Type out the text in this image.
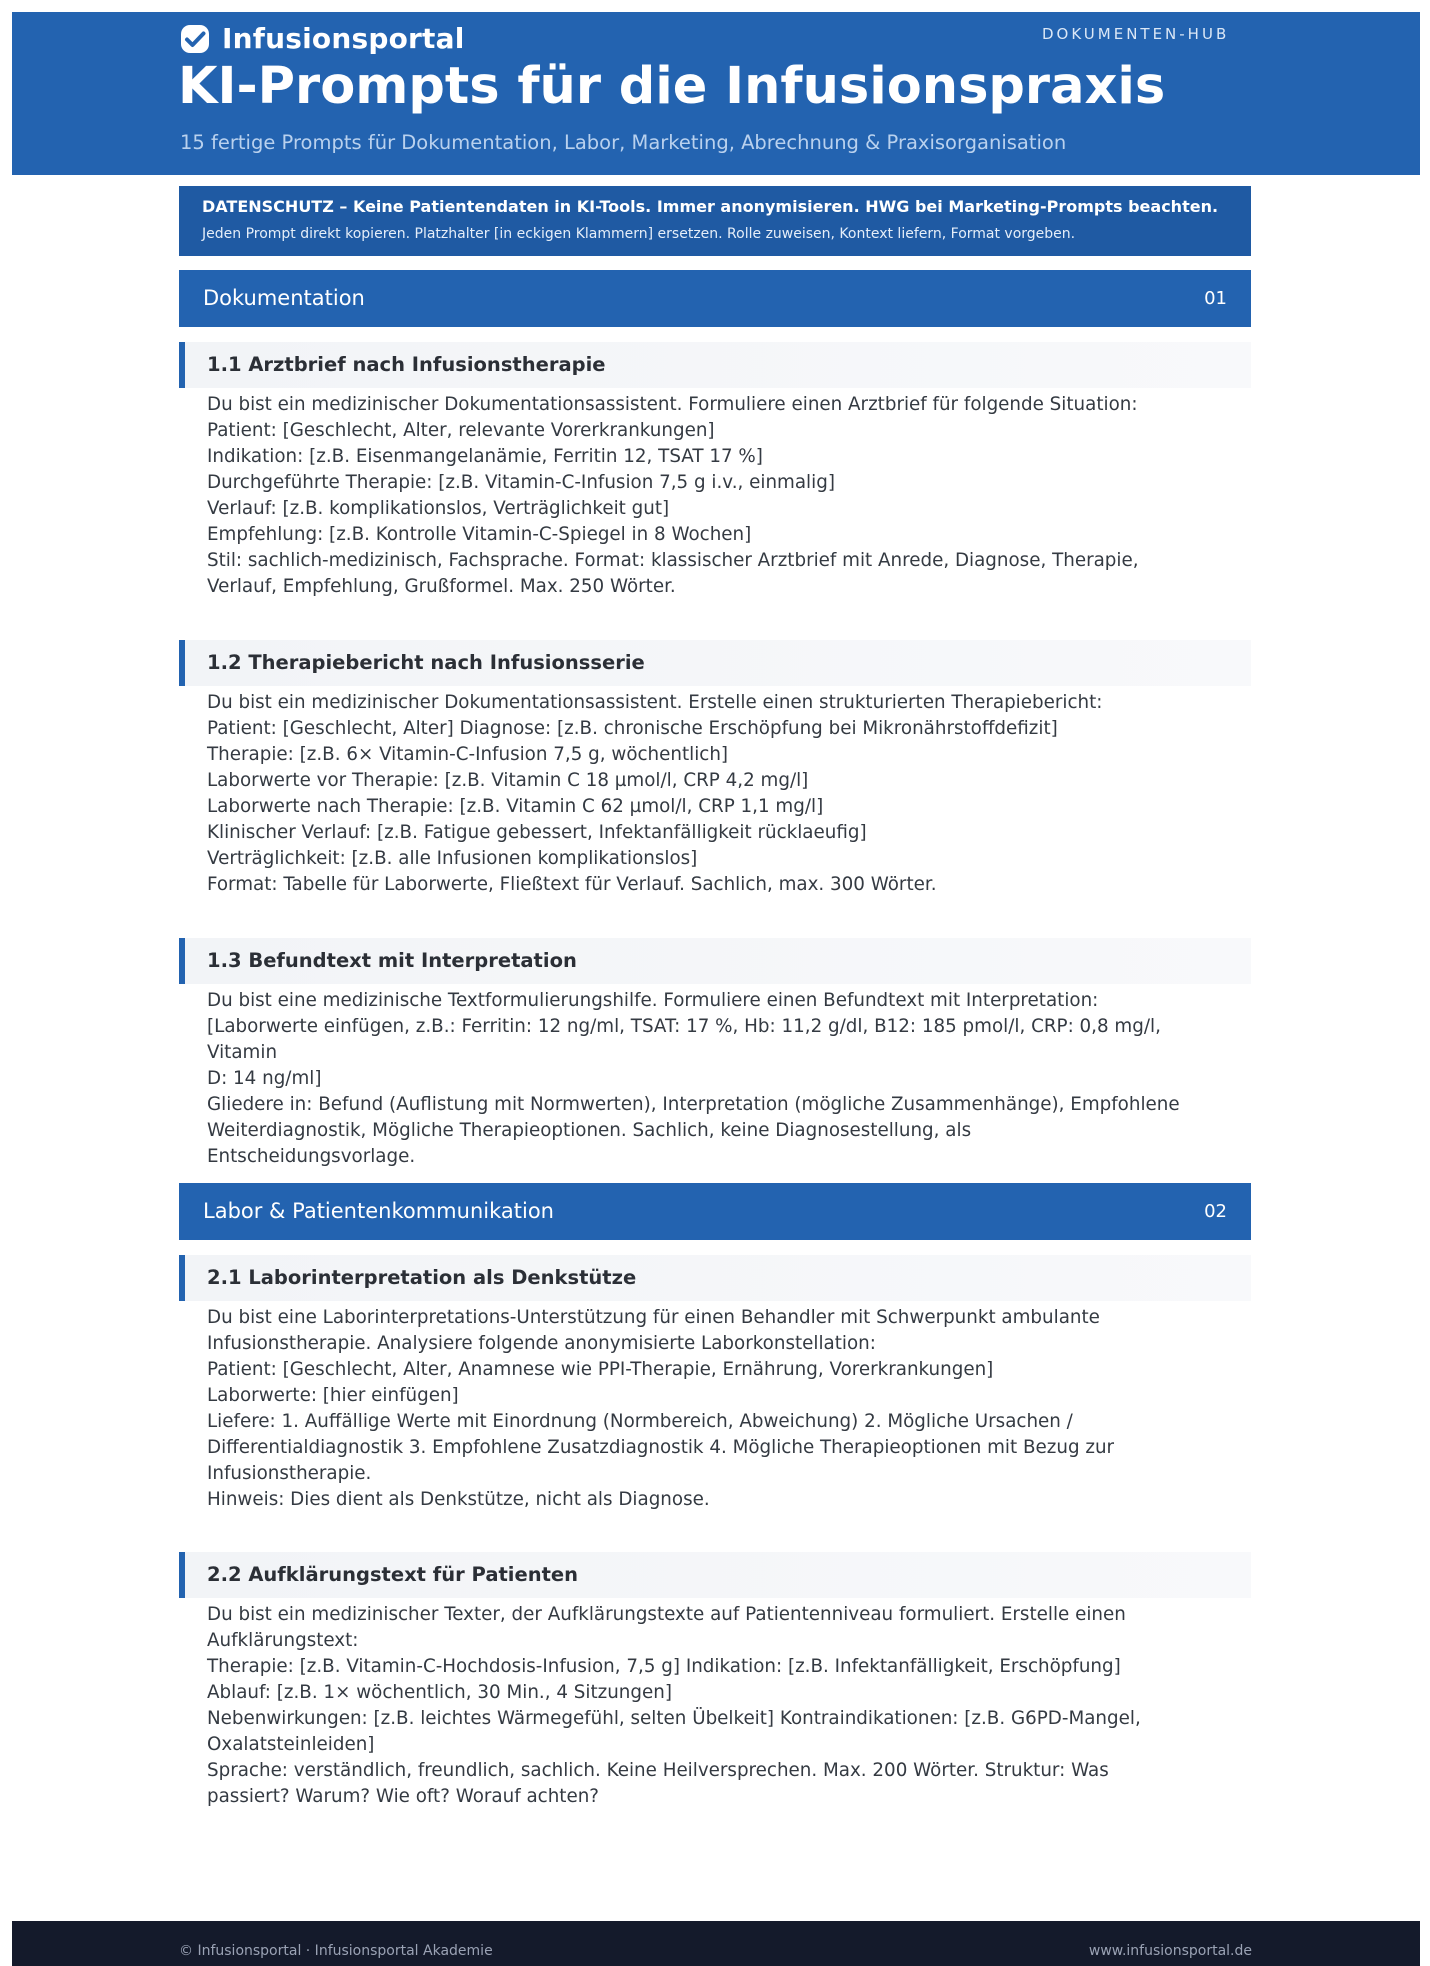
Infusionsportal	DOKUMENTEN-HUB
KI-Prompts für die Infusionspraxis
15 fertige Prompts für Dokumentation, Labor, Marketing, Abrechnung & Praxisorganisation
DATENSCHUTZ – Keine Patientendaten in KI-Tools. Immer anonymisieren. HWG bei Marketing-Prompts beachten.
Jeden Prompt direkt kopieren. Platzhalter [in eckigen Klammern] ersetzen. Rolle zuweisen, Kontext liefern, Format vorgeben.
Dokumentation	01
1.1 Arztbrief nach Infusionstherapie
Du bist ein medizinischer Dokumentationsassistent. Formuliere einen Arztbrief für folgende Situation:
Patient: [Geschlecht, Alter, relevante Vorerkrankungen]
Indikation: [z.B. Eisenmangelanämie, Ferritin 12, TSAT 17 %]
Durchgeführte Therapie: [z.B. Vitamin-C-Infusion 7,5 g i.v., einmalig]
Verlauf: [z.B. komplikationslos, Verträglichkeit gut]
Empfehlung: [z.B. Kontrolle Vitamin-C-Spiegel in 8 Wochen]
Stil: sachlich-medizinisch, Fachsprache. Format: klassischer Arztbrief mit Anrede, Diagnose, Therapie,
Verlauf, Empfehlung, Grußformel. Max. 250 Wörter.
1.2 Therapiebericht nach Infusionsserie
Du bist ein medizinischer Dokumentationsassistent. Erstelle einen strukturierten Therapiebericht:
Patient: [Geschlecht, Alter] Diagnose: [z.B. chronische Erschöpfung bei Mikronährstoffdefizit]
Therapie: [z.B. 6× Vitamin-C-Infusion 7,5 g, wöchentlich]
Laborwerte vor Therapie: [z.B. Vitamin C 18 µmol/l, CRP 4,2 mg/l]
Laborwerte nach Therapie: [z.B. Vitamin C 62 µmol/l, CRP 1,1 mg/l]
Klinischer Verlauf: [z.B. Fatigue gebessert, Infektanfälligkeit rücklaeufig]
Verträglichkeit: [z.B. alle Infusionen komplikationslos]
Format: Tabelle für Laborwerte, Fließtext für Verlauf. Sachlich, max. 300 Wörter.
1.3 Befundtext mit Interpretation
Du bist eine medizinische Textformulierungshilfe. Formuliere einen Befundtext mit Interpretation:
[Laborwerte einfügen, z.B.: Ferritin: 12 ng/ml, TSAT: 17 %, Hb: 11,2 g/dl, B12: 185 pmol/l, CRP: 0,8 mg/l, Vitamin
D: 14 ng/ml]
Gliedere in: Befund (Auflistung mit Normwerten), Interpretation (mögliche Zusammenhänge), Empfohlene
Weiterdiagnostik, Mögliche Therapieoptionen. Sachlich, keine Diagnosestellung, als
Entscheidungsvorlage.
Labor & Patientenkommunikation	02
2.1 Laborinterpretation als Denkstütze
Du bist eine Laborinterpretations-Unterstützung für einen Behandler mit Schwerpunkt ambulante
Infusionstherapie. Analysiere folgende anonymisierte Laborkonstellation:
Patient: [Geschlecht, Alter, Anamnese wie PPI-Therapie, Ernährung, Vorerkrankungen]
Laborwerte: [hier einfügen]
Liefere: 1. Auffällige Werte mit Einordnung (Normbereich, Abweichung) 2. Mögliche Ursachen /
Differentialdiagnostik 3. Empfohlene Zusatzdiagnostik 4. Mögliche Therapieoptionen mit Bezug zur
Infusionstherapie.
Hinweis: Dies dient als Denkstütze, nicht als Diagnose.
2.2 Aufklärungstext für Patienten
Du bist ein medizinischer Texter, der Aufklärungstexte auf Patientenniveau formuliert. Erstelle einen
Aufklärungstext:
Therapie: [z.B. Vitamin-C-Hochdosis-Infusion, 7,5 g] Indikation: [z.B. Infektanfälligkeit, Erschöpfung]
Ablauf: [z.B. 1× wöchentlich, 30 Min., 4 Sitzungen]
Nebenwirkungen: [z.B. leichtes Wärmegefühl, selten Übelkeit] Kontraindikationen: [z.B. G6PD-Mangel,
Oxalatsteinleiden]
Sprache: verständlich, freundlich, sachlich. Keine Heilversprechen. Max. 200 Wörter. Struktur: Was
passiert? Warum? Wie oft? Worauf achten?
© Infusionsportal · Infusionsportal Akademie	www.infusionsportal.de
